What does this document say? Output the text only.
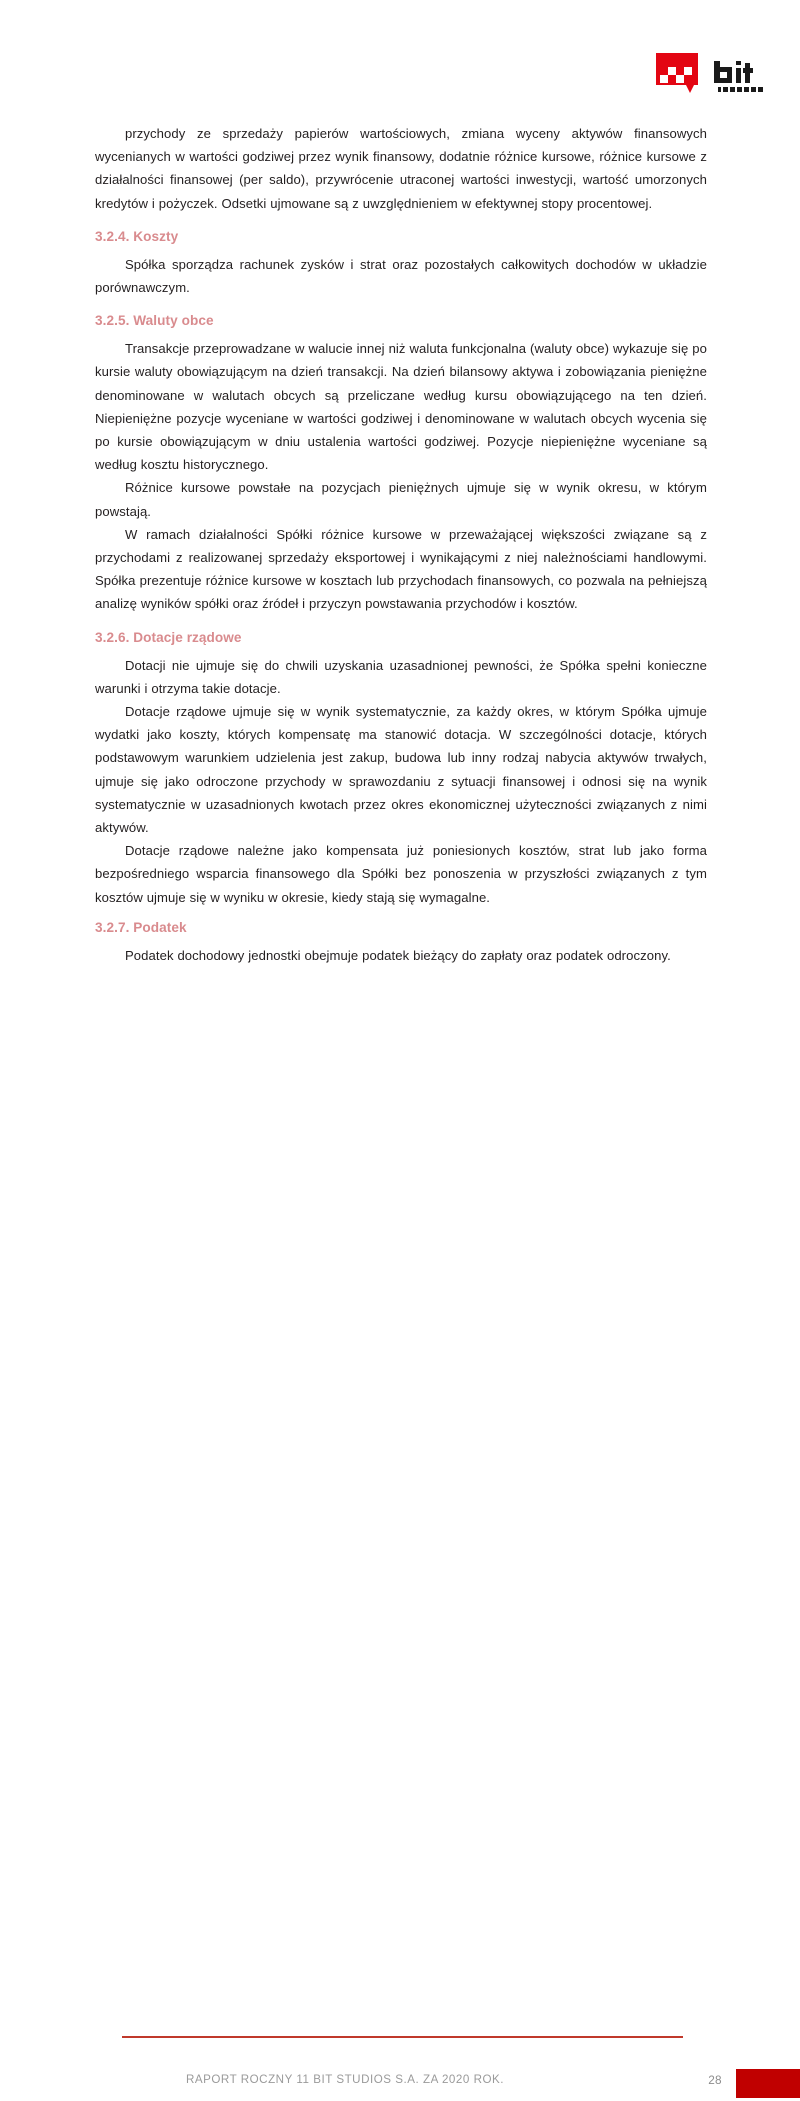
przychody ze sprzedaży papierów wartościowych, zmiana wyceny aktywów finansowych wycenianych w wartości godziwej przez wynik finansowy, dodatnie różnice kursowe, różnice kursowe z działalności finansowej (per saldo), przywrócenie utraconej wartości inwestycji, wartość umorzonych kredytów i pożyczek. Odsetki ujmowane są z uwzględnieniem w efektywnej stopy procentowej.

3.2.4. Koszty

Spółka sporządza rachunek zysków i strat oraz pozostałych całkowitych dochodów w układzie porównawczym.

3.2.5. Waluty obce

Transakcje przeprowadzane w walucie innej niż waluta funkcjonalna (waluty obce) wykazuje się po kursie waluty obowiązującym na dzień transakcji. Na dzień bilansowy aktywa i zobowiązania pieniężne denominowane w walutach obcych są przeliczane według kursu obowiązującego na ten dzień. Niepieniężne pozycje wyceniane w wartości godziwej i denominowane w walutach obcych wycenia się po kursie obowiązującym w dniu ustalenia wartości godziwej. Pozycje niepieniężne wyceniane są według kosztu historycznego.

Różnice kursowe powstałe na pozycjach pieniężnych ujmuje się w wynik okresu, w którym powstają.

W ramach działalności Spółki różnice kursowe w przeważającej większości związane są z przychodami z realizowanej sprzedaży eksportowej i wynikającymi z niej należnościami handlowymi. Spółka prezentuje różnice kursowe w kosztach lub przychodach finansowych, co pozwala na pełniejszą analizę wyników spółki oraz źródeł i przyczyn powstawania przychodów i kosztów.

3.2.6. Dotacje rządowe

Dotacji nie ujmuje się do chwili uzyskania uzasadnionej pewności, że Spółka spełni konieczne warunki i otrzyma takie dotacje.

Dotacje rządowe ujmuje się w wynik systematycznie, za każdy okres, w którym Spółka ujmuje wydatki jako koszty, których kompensatę ma stanowić dotacja. W szczególności dotacje, których podstawowym warunkiem udzielenia jest zakup, budowa lub inny rodzaj nabycia aktywów trwałych, ujmuje się jako odroczone przychody w sprawozdaniu z sytuacji finansowej i odnosi się na wynik systematycznie w uzasadnionych kwotach przez okres ekonomicznej użyteczności związanych z nimi aktywów.

Dotacje rządowe należne jako kompensata już poniesionych kosztów, strat lub jako forma bezpośredniego wsparcia finansowego dla Spółki bez ponoszenia w przyszłości związanych z tym kosztów ujmuje się w wyniku w okresie, kiedy stają się wymagalne.

3.2.7. Podatek

Podatek dochodowy jednostki obejmuje podatek bieżący do zapłaty oraz podatek odroczony.

RAPORT ROCZNY 11 BIT STUDIOS S.A. ZA 2020 ROK.	28
